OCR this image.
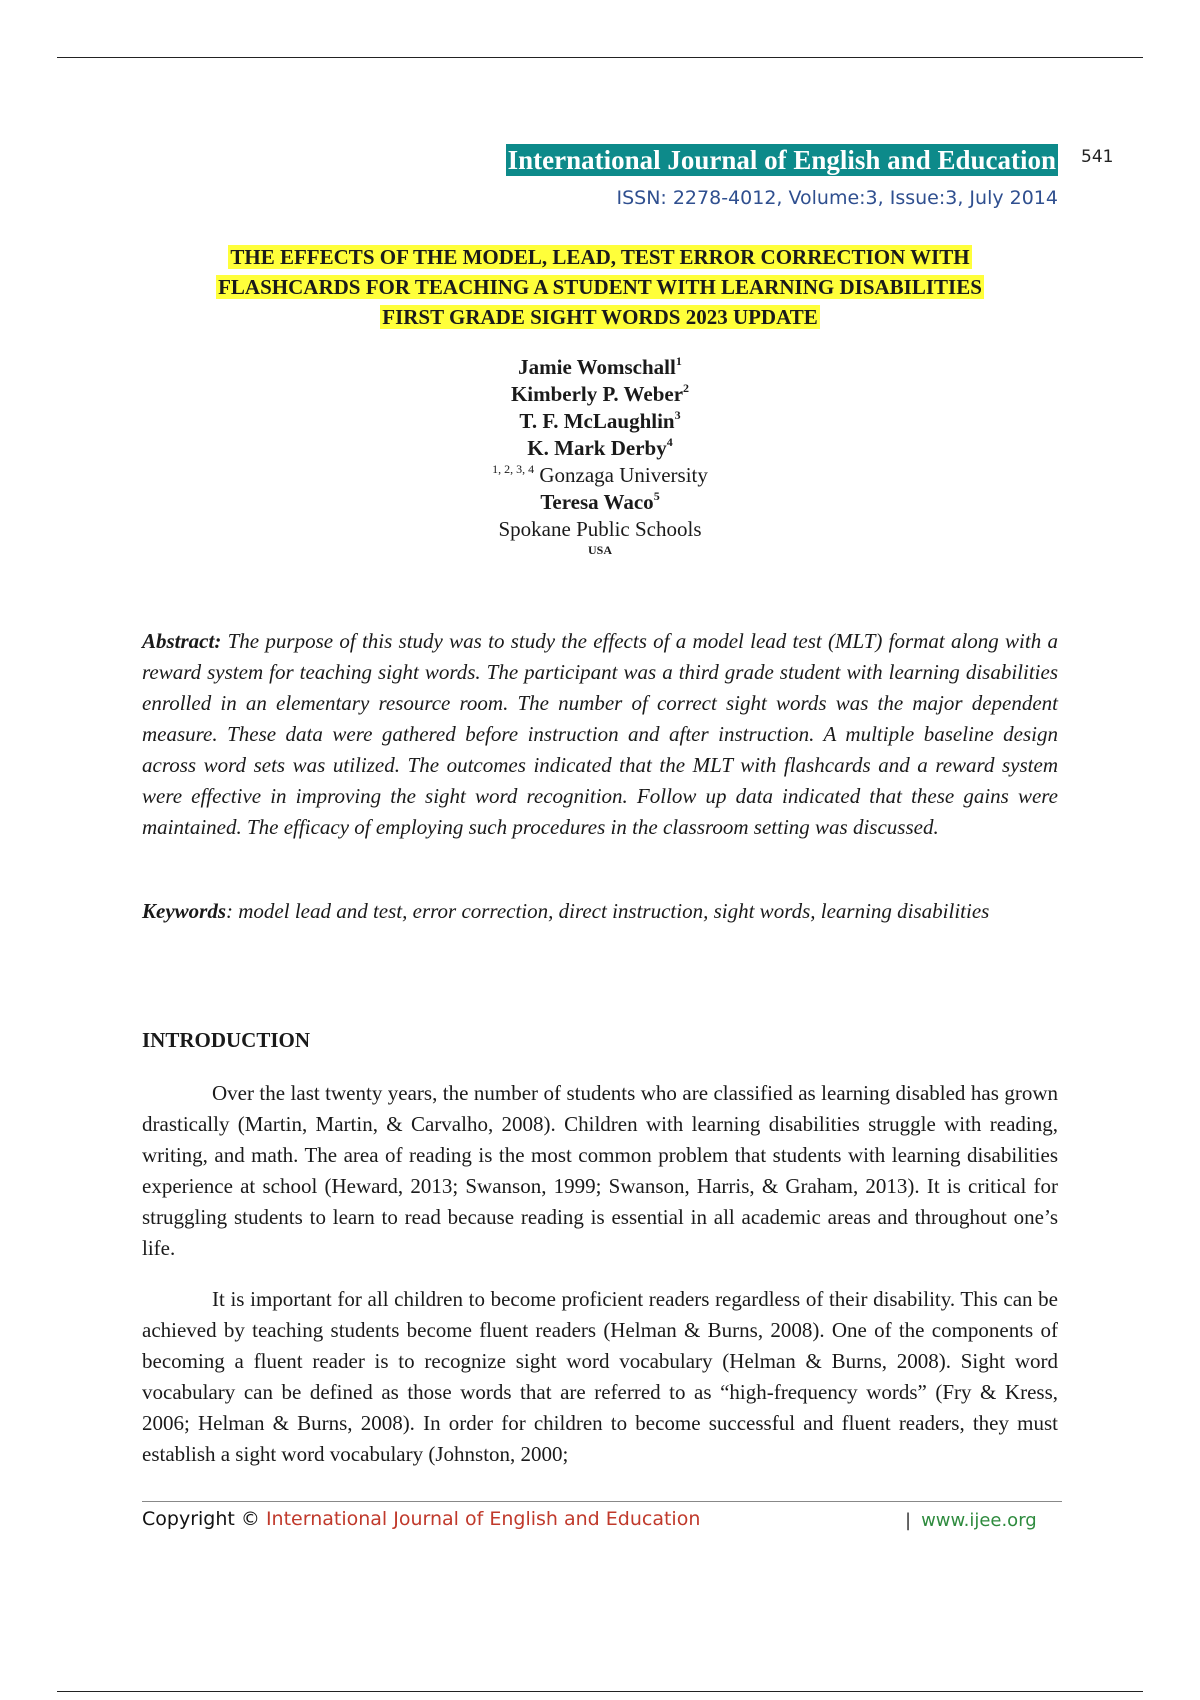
International Journal of English and Education 541
ISSN: 2278-4012, Volume:3, Issue:3, July 2014
THE EFFECTS OF THE MODEL, LEAD, TEST ERROR CORRECTION WITH
FLASHCARDS FOR TEACHING A STUDENT WITH LEARNING DISABILITIES
FIRST GRADE SIGHT WORDS 2023 UPDATE
Jamie Womschall$^1$
Kimberly P. Weber$^2$
T. F. McLaughlin$^3$
K. Mark Derby$^4$
$^{1, 2, 3, 4}$ Gonzaga University
Teresa Waco$^5$
Spokane Public Schools
USA
Abstract: The purpose of this study was to study the effects of a model lead test (MLT) format along with a reward system for teaching sight words. The participant was a third grade student with learning disabilities enrolled in an elementary resource room. The number of correct sight words was the major dependent measure. These data were gathered before instruction and after instruction. A multiple baseline design across word sets was utilized. The outcomes indicated that the MLT with flashcards and a reward system were effective in improving the sight word recognition. Follow up data indicated that these gains were maintained. The efficacy of employing such procedures in the classroom setting was discussed.
Keywords: model lead and test, error correction, direct instruction, sight words, learning disabilities
INTRODUCTION
Over the last twenty years, the number of students who are classified as learning disabled has grown drastically (Martin, Martin, & Carvalho, 2008). Children with learning disabilities struggle with reading, writing, and math. The area of reading is the most common problem that students with learning disabilities experience at school (Heward, 2013; Swanson, 1999; Swanson, Harris, & Graham, 2013). It is critical for struggling students to learn to read because reading is essential in all academic areas and throughout one’s life.
It is important for all children to become proficient readers regardless of their disability. This can be achieved by teaching students become fluent readers (Helman & Burns, 2008). One of the components of becoming a fluent reader is to recognize sight word vocabulary (Helman & Burns, 2008). Sight word vocabulary can be defined as those words that are referred to as “high-frequency words” (Fry & Kress, 2006; Helman & Burns, 2008). In order for children to become successful and fluent readers, they must establish a sight word vocabulary (Johnston, 2000;
Copyright © International Journal of English and Education	| www.ijee.org
